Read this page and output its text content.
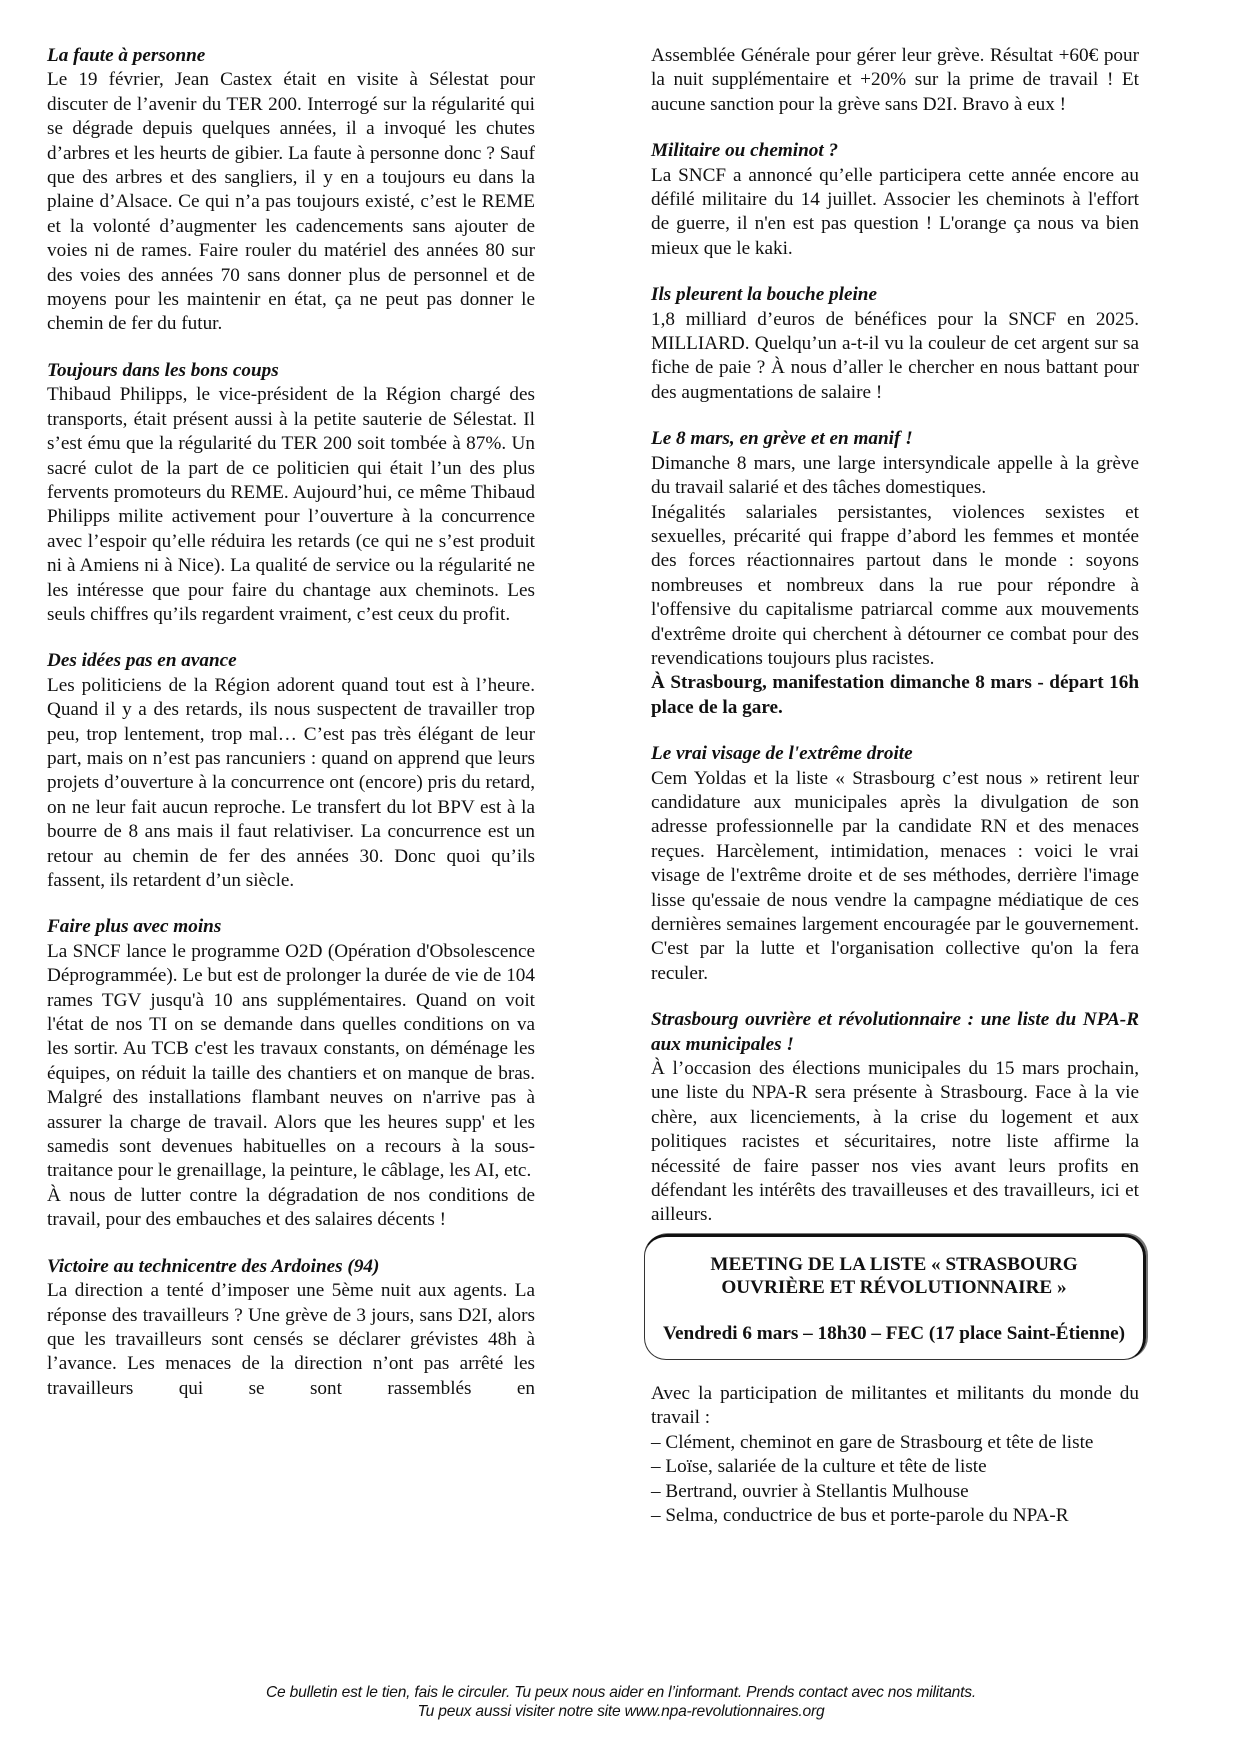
La faute à personne

Le 19 février, Jean Castex était en visite à Sélestat pour discuter de l’avenir du TER 200. Interrogé sur la régularité qui se dégrade depuis quelques années, il a invoqué les chutes d’arbres et les heurts de gibier. La faute à personne donc ? Sauf que des arbres et des sangliers, il y en a toujours eu dans la plaine d’Alsace. Ce qui n’a pas toujours existé, c’est le REME et la volonté d’augmenter les cadencements sans ajouter de voies ni de rames. Faire rouler du matériel des années 80 sur des voies des années 70 sans donner plus de personnel et de moyens pour les maintenir en état, ça ne peut pas donner le chemin de fer du futur.

Toujours dans les bons coups

Thibaud Philipps, le vice-président de la Région chargé des transports, était présent aussi à la petite sauterie de Sélestat. Il s’est ému que la régularité du TER 200 soit tombée à 87%. Un sacré culot de la part de ce politicien qui était l’un des plus fervents promoteurs du REME. Aujourd’hui, ce même Thibaud Philipps milite activement pour l’ouverture à la concurrence avec l’espoir qu’elle réduira les retards (ce qui ne s’est produit ni à Amiens ni à Nice). La qualité de service ou la régularité ne les intéresse que pour faire du chantage aux cheminots. Les seuls chiffres qu’ils regardent vraiment, c’est ceux du profit.

Des idées pas en avance

Les politiciens de la Région adorent quand tout est à l’heure. Quand il y a des retards, ils nous suspectent de travailler trop peu, trop lentement, trop mal… C’est pas très élégant de leur part, mais on n’est pas rancuniers : quand on apprend que leurs projets d’ouverture à la concurrence ont (encore) pris du retard, on ne leur fait aucun reproche. Le transfert du lot BPV est à la bourre de 8 ans mais il faut relativiser. La concurrence est un retour au chemin de fer des années 30. Donc quoi qu’ils fassent, ils retardent d’un siècle.

Faire plus avec moins

La SNCF lance le programme O2D (Opération d'Obsolescence Déprogrammée). Le but est de prolonger la durée de vie de 104 rames TGV jusqu'à 10 ans supplémentaires. Quand on voit l'état de nos TI on se demande dans quelles conditions on va les sortir. Au TCB c'est les travaux constants, on déménage les équipes, on réduit la taille des chantiers et on manque de bras. Malgré des installations flambant neuves on n'arrive pas à assurer la charge de travail. Alors que les heures supp' et les samedis sont devenues habituelles on a recours à la sous-traitance pour le grenaillage, la peinture, le câblage, les AI, etc.

À nous de lutter contre la dégradation de nos conditions de travail, pour des embauches et des salaires décents !

Victoire au technicentre des Ardoines (94)

La direction a tenté d’imposer une 5ème nuit aux agents. La réponse des travailleurs ? Une grève de 3 jours, sans D2I, alors que les travailleurs sont censés se déclarer grévistes 48h à l’avance. Les menaces de la direction n’ont pas arrêté les travailleurs qui se sont rassemblés en

Assemblée Générale pour gérer leur grève. Résultat +60€ pour la nuit supplémentaire et +20% sur la prime de travail ! Et aucune sanction pour la grève sans D2I. Bravo à eux !

Militaire ou cheminot ?

La SNCF a annoncé qu’elle participera cette année encore au défilé militaire du 14 juillet. Associer les cheminots à l'effort de guerre, il n'en est pas question ! L'orange ça nous va bien mieux que le kaki.

Ils pleurent la bouche pleine

1,8 milliard d’euros de bénéfices pour la SNCF en 2025. MILLIARD. Quelqu’un a-t-il vu la couleur de cet argent sur sa fiche de paie ? À nous d’aller le chercher en nous battant pour des augmentations de salaire !

Le 8 mars, en grève et en manif !

Dimanche 8 mars, une large intersyndicale appelle à la grève du travail salarié et des tâches domestiques.

Inégalités salariales persistantes, violences sexistes et sexuelles, précarité qui frappe d’abord les femmes et montée des forces réactionnaires partout dans le monde : soyons nombreuses et nombreux dans la rue pour répondre à l'offensive du capitalisme patriarcal comme aux mouvements d'extrême droite qui cherchent à détourner ce combat pour des revendications toujours plus racistes.

À Strasbourg, manifestation dimanche 8 mars - départ 16h place de la gare.

Le vrai visage de l'extrême droite

Cem Yoldas et la liste « Strasbourg c’est nous » retirent leur candidature aux municipales après la divulgation de son adresse professionnelle par la candidate RN et des menaces reçues. Harcèlement, intimidation, menaces : voici le vrai visage de l'extrême droite et de ses méthodes, derrière l'image lisse qu'essaie de nous vendre la campagne médiatique de ces dernières semaines largement encouragée par le gouvernement. C'est par la lutte et l'organisation collective qu'on la fera reculer.

Strasbourg ouvrière et révolutionnaire : une liste du NPA-R aux municipales !

À l’occasion des élections municipales du 15 mars prochain, une liste du NPA-R sera présente à Strasbourg. Face à la vie chère, aux licenciements, à la crise du logement et aux politiques racistes et sécuritaires, notre liste affirme la nécessité de faire passer nos vies avant leurs profits en défendant les intérêts des travailleuses et des travailleurs, ici et ailleurs.

MEETING DE LA LISTE « STRASBOURG OUVRIÈRE ET RÉVOLUTIONNAIRE »
Vendredi 6 mars – 18h30 – FEC (17 place Saint-Étienne)

Avec la participation de militantes et militants du monde du travail :

– Clément, cheminot en gare de Strasbourg et tête de liste
– Loïse, salariée de la culture et tête de liste
– Bertrand, ouvrier à Stellantis Mulhouse
– Selma, conductrice de bus et porte-parole du NPA-R
Ce bulletin est le tien, fais le circuler. Tu peux nous aider en l’informant. Prends contact avec nos militants.
Tu peux aussi visiter notre site www.npa-revolutionnaires.org
